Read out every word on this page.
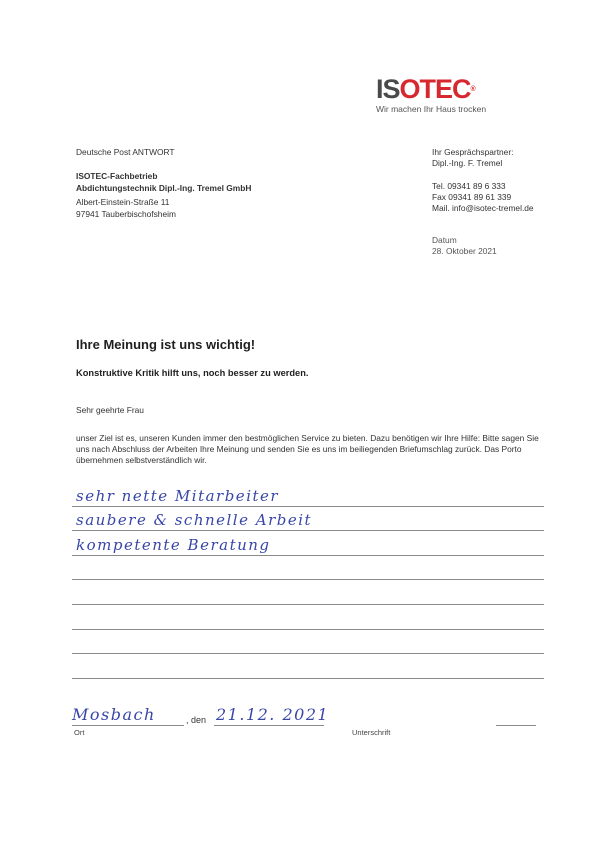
ISOTEC®
Wir machen Ihr Haus trocken
Deutsche Post ANTWORT
ISOTEC-Fachbetrieb
Abdichtungstechnik Dipl.-Ing. Tremel GmbH
Albert-Einstein-Straße 11
97941 Tauberbischofsheim
Ihr Gesprächspartner:
Dipl.-Ing. F. Tremel
Tel. 09341 89 6 333
Fax 09341 89 61 339
Mail. info@isotec-tremel.de
Datum
28. Oktober 2021
Ihre Meinung ist uns wichtig!
Konstruktive Kritik hilft uns, noch besser zu werden.
Sehr geehrte Frau
unser Ziel ist es, unseren Kunden immer den bestmöglichen Service zu bieten. Dazu benötigen wir Ihre Hilfe: Bitte sagen Sie uns nach Abschluss der Arbeiten Ihre Meinung und senden Sie es uns im beiliegenden Briefumschlag zurück. Das Porto übernehmen selbstverständlich wir.
sehr nette Mitarbeiter
saubere & schnelle Arbeit
kompetente Beratung
Mosbach	, den 21.12. 2021
Ort	Unterschrift
